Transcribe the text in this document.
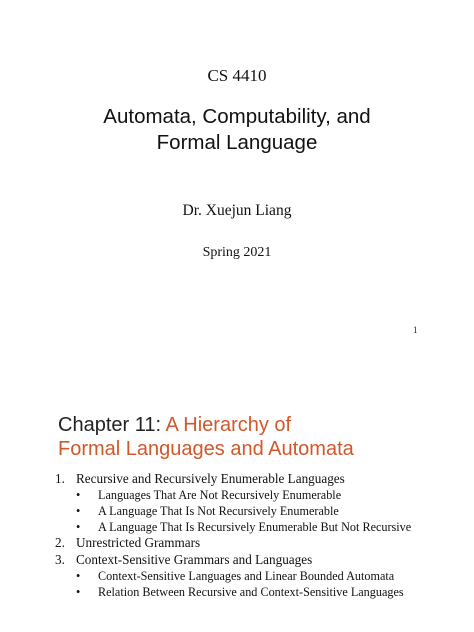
CS 4410
Automata, Computability, and
Formal Language
Dr. Xuejun Liang
Spring 2021
1
Chapter 11: A Hierarchy of
Formal Languages and Automata
1. Recursive and Recursively Enumerable Languages
• Languages That Are Not Recursively Enumerable
• A Language That Is Not Recursively Enumerable
• A Language That Is Recursively Enumerable But Not Recursive
2. Unrestricted Grammars
3. Context-Sensitive Grammars and Languages
• Context-Sensitive Languages and Linear Bounded Automata
• Relation Between Recursive and Context-Sensitive Languages
